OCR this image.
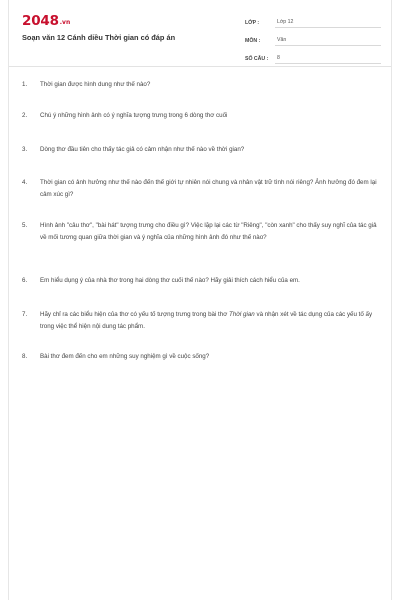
2048.vn
Soạn văn 12 Cánh diều Thời gian có đáp án
LỚP :	Lớp 12
MÔN :	Văn
SỐ CÂU :	8
1.	Thời gian được hình dung như thế nào?
2.	Chú ý những hình ảnh có ý nghĩa tượng trưng trong 6 dòng thơ cuối
3.	Dòng thơ đầu tiên cho thấy tác giả có cảm nhận như thế nào về thời gian?
4.	Thời gian có ảnh hưởng như thế nào đến thế giới tự nhiên nói chung và nhân vật trữ tình nói riêng? Ảnh hưởng đó đem lại cảm xúc gì?
5.	Hình ảnh "câu thơ", "bài hát" tượng trưng cho điều gì? Việc lặp lại các từ "Riêng", "còn xanh" cho thấy suy nghĩ của tác giả về mối tương quan giữa thời gian và ý nghĩa của những hình ảnh đó như thế nào?
6.	Em hiểu dụng ý của nhà thơ trong hai dòng thơ cuối thế nào? Hãy giải thích cách hiểu của em.
7.	Hãy chỉ ra các biểu hiện của thơ có yếu tố tượng trưng trong bài thơ Thời gian và nhận xét về tác dụng của các yếu tố ấy trong việc thể hiện nội dung tác phẩm.
8.	Bài thơ đem đến cho em những suy nghiệm gì về cuộc sống?
